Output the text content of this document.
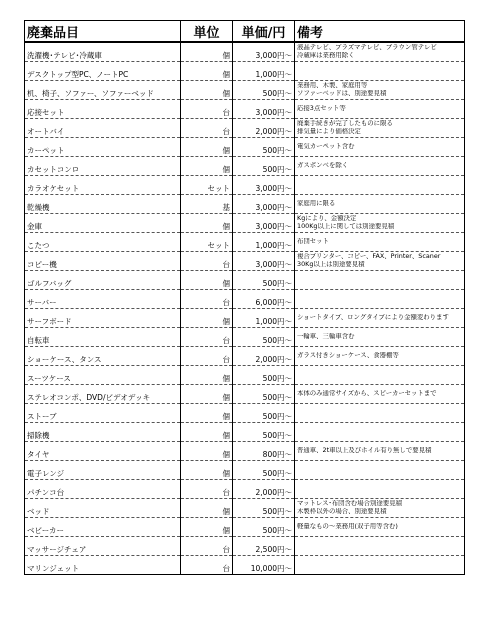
廃棄品目	単位	単価/円	備考
洗濯機･テレビ･冷蔵庫	個	3,000円～	液晶テレビ、プラズマテレビ、ブラウン管テレビ
冷蔵庫は業務用除く

デスクトップ型PC、ノートPC	個	1,000円～	
机、椅子、ソファー、ソファーベッド	個	500円～	業務用、木製、家庭用等
ソファーベッドは、別途要見積

応接セット	台	3,000円～	応接3点セット等

オートバイ	台	2,000円～	廃棄手続きが完了したものに限る
排気量により価格決定

カーペット	個	500円～	電気カーペット含む

カセットコンロ	個	500円～	ガスボンベを除く

カラオケセット	セット	3,000円～	
乾燥機	基	3,000円～	家庭用に限る

金庫	個	3,000円～	Kgにより、金額決定
100Kg以上に関しては別途要見積

こたつ	セット	1,000円～	布団セット

コピー機	台	3,000円～	複合プリンター、コピー、FAX、Printer、Scaner
30Kg以上は別途要見積

ゴルフバッグ	個	500円～	
サーバー	台	6,000円～	
サーフボード	個	1,000円～	ショートタイプ、ロングタイプにより金額変わります

自転車	台	500円～	一輪車、三輪車含む

ショーケース、タンス	台	2,000円～	ガラス付きショーケース、食器棚等

スーツケース	個	500円～	
ステレオコンポ、DVD/ビデオデッキ	個	500円～	本体のみ通常サイズから、スピーカーセットまで

ストーブ	個	500円～	
掃除機	個	500円～	
タイヤ	個	800円～	普通車、2t車以上及びホイル有り無しで要見積

電子レンジ	個	500円～	
パチンコ台	台	2,000円～	
ベッド	個	500円～	マットレス･布団含む場合別途要見積
木製枠以外の場合、別途要見積

ベビーカー	個	500円～	軽量なもの～業務用(双子用等含む)

マッサージチェア	台	2,500円～	
マリンジェット	台	10,000円～	
